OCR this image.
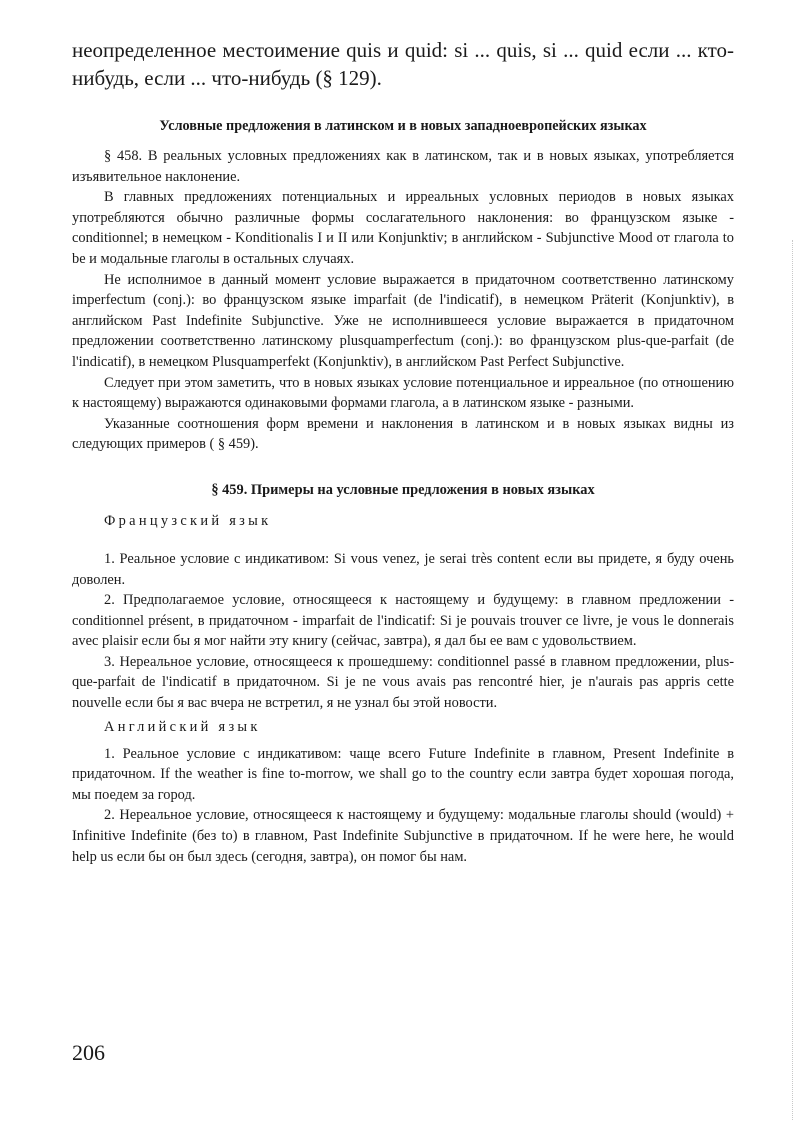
неопределенное местоимение quis и quid: si ... quis, si ... quid если ... кто-нибудь, если ... что-нибудь (§ 129).

Условные предложения в латинском и в новых западноевропейских языках

§ 458. В реальных условных предложениях как в латинском, так и в новых языках, употребляется изъявительное наклонение.

В главных предложениях потенциальных и ирреальных условных периодов в новых языках употребляются обычно различные формы сослагательного наклонения: во французском языке - conditionnel; в немецком - Konditionalis I и II или Konjunktiv; в английском - Subjunctive Mood от глагола to be и модальные глаголы в остальных случаях.

Не исполнимое в данный момент условие выражается в придаточном соответственно латинскому imperfectum (conj.): во французском языке imparfait (de l'indicatif), в немецком Präterit (Konjunktiv), в английском Past Indefinite Subjunctive. Уже не исполнившееся условие выражается в придаточном предложении соответственно латинскому plusquamperfectum (conj.): во французском plus-que-parfait (de l'indicatif), в немецком Plusquamperfekt (Konjunktiv), в английском Past Perfect Subjunctive.

Следует при этом заметить, что в новых языках условие потенциальное и ирреальное (по отношению к настоящему) выражаются одинаковыми формами глагола, а в латинском языке - разными.

Указанные соотношения форм времени и наклонения в латинском и в новых языках видны из следующих примеров ( § 459).

§ 459. Примеры на условные предложения в новых языках

Французский язык

1. Реальное условие с индикативом: Si vous venez, je serai très content если вы придете, я буду очень доволен.

2. Предполагаемое условие, относящееся к настоящему и будущему: в главном предложении - conditionnel présent, в придаточном - imparfait de l'indicatif: Si je pouvais trouver ce livre, je vous le donnerais avec plaisir если бы я мог найти эту книгу (сейчас, завтра), я дал бы ее вам с удовольствием.

3. Нереальное условие, относящееся к прошедшему: conditionnel passé в главном предложении, plus-que-parfait de l'indicatif в придаточном. Si je ne vous avais pas rencontré hier, je n'aurais pas appris cette nouvelle если бы я вас вчера не встретил, я не узнал бы этой новости.

Английский язык

1. Реальное условие с индикативом: чаще всего Future Indefinite в главном, Present Indefinite в придаточном. If the weather is fine to-morrow, we shall go to the country если завтра будет хорошая погода, мы поедем за город.

2. Нереальное условие, относящееся к настоящему и будущему: модальные глаголы should (would) + Infinitive Indefinite (без to) в главном, Past Indefinite Subjunctive в придаточном. If he were here, he would help us если бы он был здесь (сегодня, завтра), он помог бы нам.

206
